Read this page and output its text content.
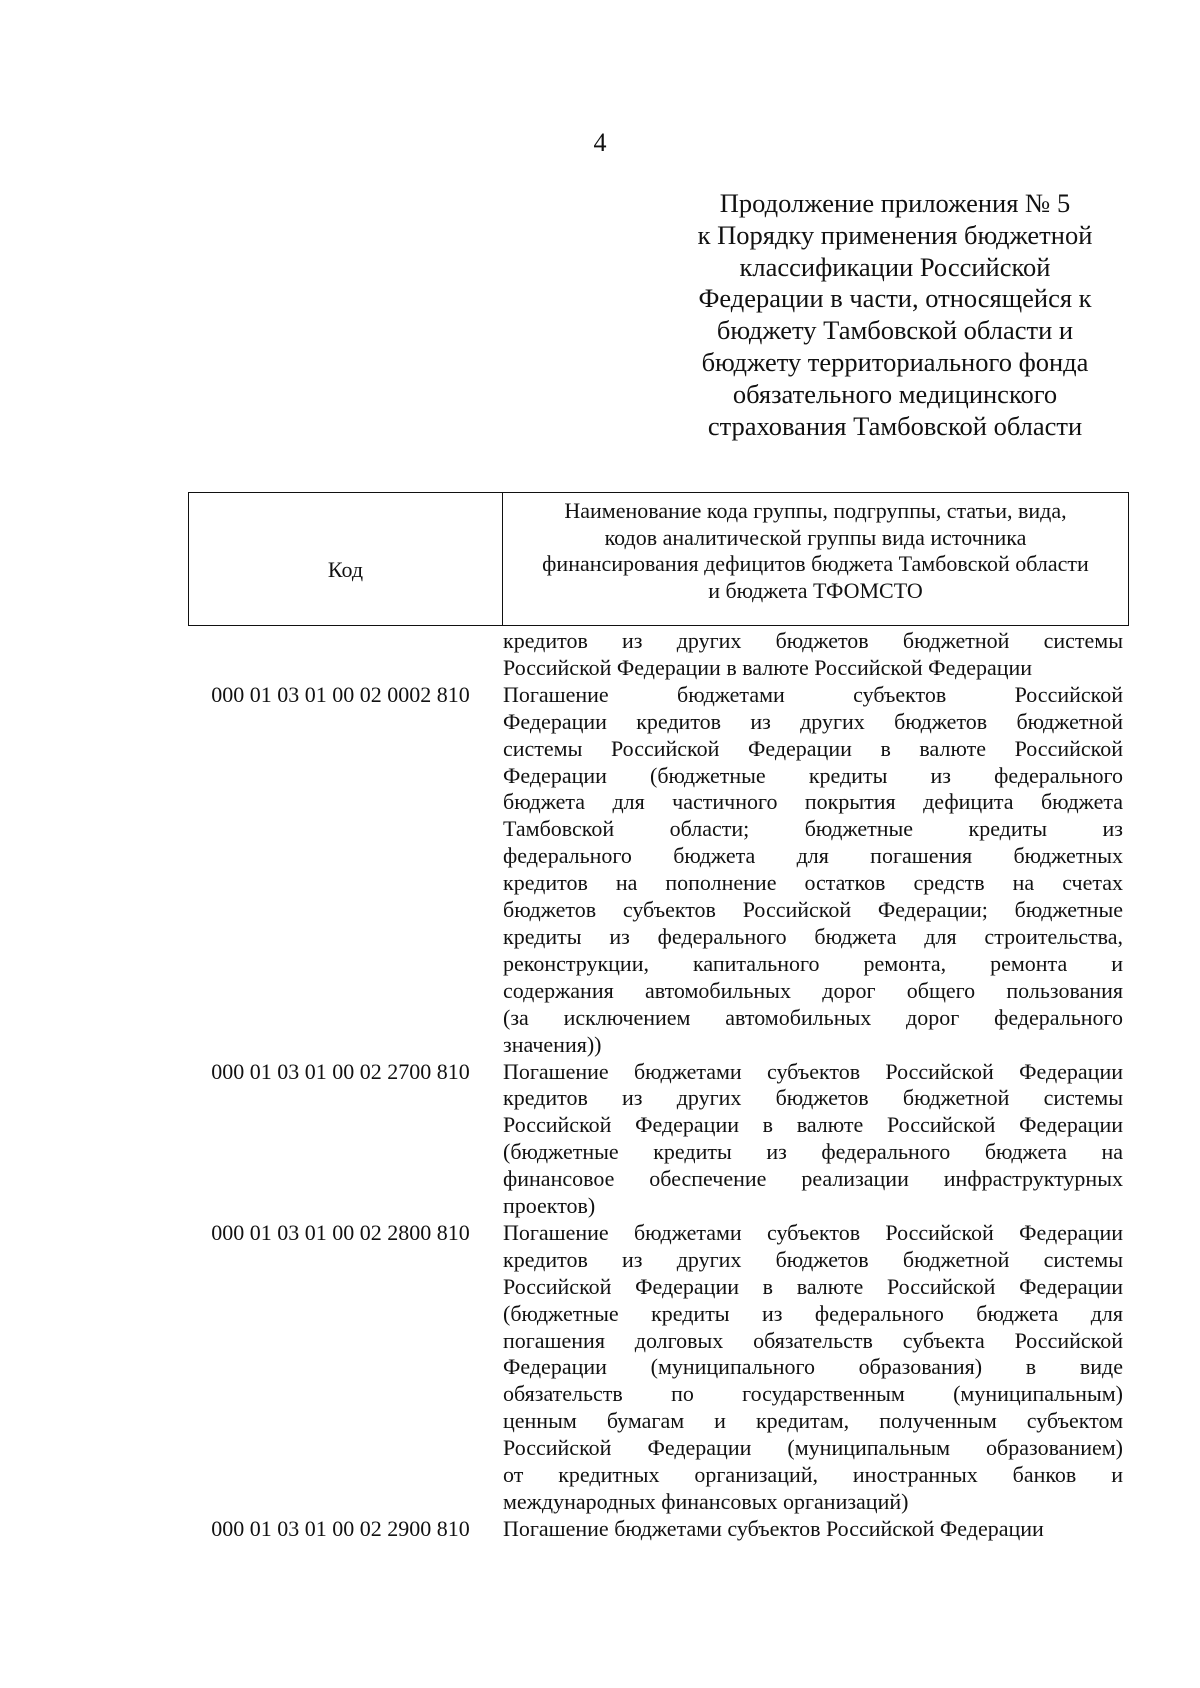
4
Продолжение приложения № 5
к Порядку применения бюджетной
классификации Российской
Федерации в части, относящейся к
бюджету Тамбовской области и
бюджету территориального фонда
обязательного медицинского
страхования Тамбовской области
Код
Наименование кода группы, подгруппы, статьи, вида,
кодов аналитической группы вида источника
финансирования дефицитов бюджета Тамбовской области
и бюджета ТФОМСТО
кредитов из других бюджетов бюджетной системы
Российской Федерации в валюте Российской Федерации
000 01 03 01 00 02 0002 810	Погашение бюджетами субъектов Российской
Федерации кредитов из других бюджетов бюджетной
системы Российской Федерации в валюте Российской
Федерации (бюджетные кредиты из федерального
бюджета для частичного покрытия дефицита бюджета
Тамбовской области; бюджетные кредиты из
федерального бюджета для погашения бюджетных
кредитов на пополнение остатков средств на счетах
бюджетов субъектов Российской Федерации; бюджетные
кредиты из федерального бюджета для строительства,
реконструкции, капитального ремонта, ремонта и
содержания автомобильных дорог общего пользования
(за исключением автомобильных дорог федерального
значения))
000 01 03 01 00 02 2700 810	Погашение бюджетами субъектов Российской Федерации
кредитов из других бюджетов бюджетной системы
Российской Федерации в валюте Российской Федерации
(бюджетные кредиты из федерального бюджета на
финансовое обеспечение реализации инфраструктурных
проектов)
000 01 03 01 00 02 2800 810	Погашение бюджетами субъектов Российской Федерации
кредитов из других бюджетов бюджетной системы
Российской Федерации в валюте Российской Федерации
(бюджетные кредиты из федерального бюджета для
погашения долговых обязательств субъекта Российской
Федерации (муниципального образования) в виде
обязательств по государственным (муниципальным)
ценным бумагам и кредитам, полученным субъектом
Российской Федерации (муниципальным образованием)
от кредитных организаций, иностранных банков и
международных финансовых организаций)
000 01 03 01 00 02 2900 810	Погашение бюджетами субъектов Российской Федерации
